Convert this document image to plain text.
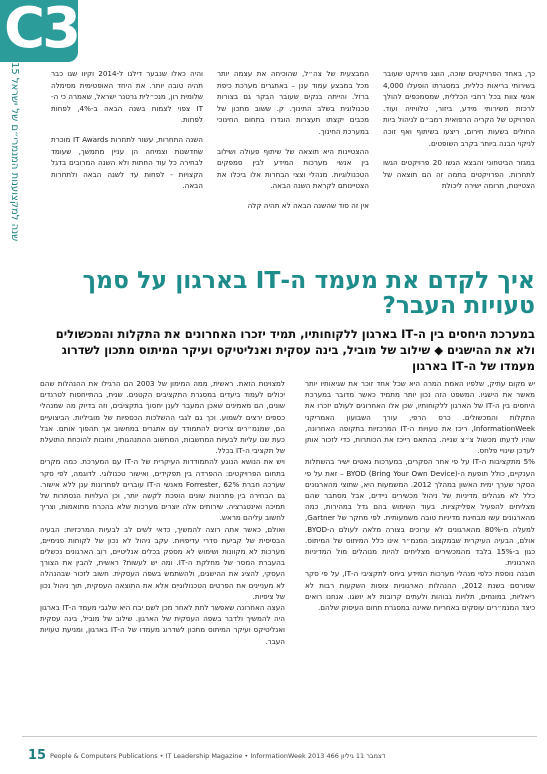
C3
15 שנה למקצוענות המנמרי״ם של ישראל

כך, באחד הפרויקטים שוכה, הוצג פרויקט שעובר בשירותי בריאות כללית, במסגרתו הופעלו 4,000 אנשי צוות בכל רחבי הכללית, שמסמכפים להולך לרכזת משירותי מידע, ביזור, טלוויזיה ועוד. הפרויקט של הקריה הרפואית רמב״ם לניהול ביות החולים בשעות חירום, ריצעו בשיתוף ואף זוכה לניקוי הבנה ביותר בקרב השופטים.

במגזר הביטחוני והבצא הגשו 20 פרויקטים הגשו לתחרות. הפרויקטים בתמה זה הם תוצאה של הצטיינות, תרומה ישירה ליכולת

המבצעית של צה״ל, שהוכיחה את עצמה יותר מכל במבצע עמוד ענן – באתגרים מערכת כיפת ברזל. והייתה בנקים שעובר הבקר גם בצורות טכנולוגית בשלב התינוך. ק. ששוב מתכון של מכבים יקצתו תעצרות הוגדרו בתחום החינוכי במערכת החינוך.

ההצטיינות היא תוצאה של שיתוף פעולה ושילוב בין אנשי מערכות המידע לבין סמפקים הטכנולוגיות. מנהלי וצצי הבחרות אלו ביכלו את הצטיינותם לקראת השנה הבאה.

אין זה סוד שהשנה הבאה לא תהיה קלה

והיה כאלו שנבער דילגו ל-2014 וקיוו שגו כבר תהיה טובה יותר. את היחד האופטימית מסימלה שלומית רון, מנכ״לית גרטנר ישראל, שאמרה כי ה-IT צפוי לצמוח בשנה הבאה ב-4%, לפחות לפחות.

השנה התחרות, עשור לתחרות IT Awards מוכרת שחדשנות וצמיחה הן עניין מתמשך, שעומד לבחירה כל עוד החתות ולא השנה המרובים בדגל הקצויות - לפחות עד לשנה הבאה ולתחרות הבאה.

איך לקדם את מעמד ה-IT בארגון על סמך טעויות העבר?
במערכת היחסים בין ה-IT בארגון ללקוחותיו, תמיד יזכרו האחרונים את התקלות והמכשולים ולא את ההישגים ◆ שילוב של מוביל, בינה עסקית ואנליטיקס ועיקר המיתוס מתכון לשדרוג מעמדו של ה-IT בארגון

יש מקום עתיק, שלפיו האמת המרה היא שכל אחד זוכר את שגיאותיו יותר מאשר את הישגיו. המשפט הזה נכון יותר מתמיד כאשר מדובר במערכת היחסים בין ה-IT של הארגון ללקוחותיו, שכן אלו האחרונים לעולם יזכרו את התקלות והמכשולים. כרס הרפי, עורך השבועון האמריקני InformationWeek, ריכז את טעויות ה-IT המרכזיות בתקופה האחרונה, שהיו לדעתו מכשול צ״צ שנייה. בהתאם רייכז את הכותרות, כדי לזכור אותן לעדכן שינויי פלחס.
5% מתקציבות ה-IT על פי אחר הסקרים, במערכות גאטים ישיר בהשתלות הענקיים, כולל תופעת ה-BYOD (Bring Your Own Device) – זאת על פי הסקר שערך ימית האשון במהלך 2012. המשמעות היא, שתוצי מהארגונים כלל לא מנהלים מדיניות של ניהול מכשירים ניידים, אבל מסתבר שהם מצליחים להפעיל אפליקציות. בעוד השימוש בהם גדל במהירות, כמה מהארגונים עשו מבחינת מדיניות טובה משמעותית. לפי מחקר של Gartner, למעלה מ-80% מהארגונים לא ערוכים בצורה מלאה לעולם ה-BYOD. אולם, הבעיה העיקרית שבמקצוב המנמ״ר אינו כלל המיתוס של המיתוס. כגון ב-15% בלבד מהמכשירים מצליחים להיות מנוהלים מול המדיניות הארגונית.
תובנה נוספת כלפי מנהלי מערכות המידע ביחס לתקציבי ה-IT, על פי סקר שפורסם בשנת 2012, ההנהלות הארגוניות צופות השקעות רבות לא ריאליות, במונחים, תלויות גבוהות ולעתים קרובות לא יושגו. אנחנו רואים כיצד המנמ״רים עוסקים באחריות שאינה במסגרת תחום העיסוק שלהם.

למצוינות הזאת. ראשית, ממה המימון של 2003 הם הרגילו את ההנהלות שהם יכולים לעמוד ביעדים במסגרת התקציבים הקטנים. שנית, בהתייחסות לטרנדים שונים, הם מאמינים שאכן המעבר לענן יחסוך בתקציבים, וזה בדיוק מה שמנהלי כספים ירצים לשמוע. וכך גם לגבי ההשלכות הכספיות של מוביליות. הביצועיים הם, שמנמ״רים צריכים להתמודד עם אתגרים במחשוב אך תהפוך אותם. אבל כעת שנו עליות לבעיות המחשבות, המחשוב ההתנהגותי, וחובות להוכחת התועלת של תקציבי ה-IT בכלל.
ויש את הנושא הנוגע להתמודדות העיקרית של ה-IT עם המערכת. כמה מקרים בתחום הפרויקטים: ההפרדה בין תפקידים, ואישור טכנולוגי. לדוגמה, לפי סקר שערכה חברת Forrester, 62% מאנשי ה-IT עוברים לפתרונות ענן ללא אישור. גם הבחירה בין פתרונות שונים הופכת לקשה יותר, וכן העלויות הנסתרות של תמיכה ואינטגרציה. שירותים אלה יוצרים מערכות שלא בהכרח מתואמות, וצריך לחשוב עליהם מראש.
ואולם, כאשר אתה רוצה להמשיך, כדאי לשים לב לבעיות המרכזיות: הבעיה הבסיסית של קביעת סדרי עדיפויות. עקב ניהול לא נכון של לקוחות פנימיים, מערכות לא מקוונות ושימוש לא מספק בכלים אנליטיים, רוב הארגונים נכשלים בהעברת המסר של מחלקת ה-IT. ומה יש לעשות? ראשית, להבין את הצורך העסקי, להציג את ההישגים, ולהשתמש בשפה העסקית. חשוב לזכור שבהנהלה לא מעניינים את הפרטים הטכנולוגיים אלא את התוצאה העסקית, תוך ניהול נכון של ציפיות.
העצה האחרונה שאפשר לתת לאחר מכן לשם יבח היא שלגבי מעמד ה-IT בארגון היה להמשיך ולדבר בשפה העסקית של הארגון. שילוב של מוביל, בינה עסקית ואנליטיקס ועיקר המיתוס מתכון לשדרוג מעמדו של ה-IT בארגון, ומניעת טעויות העבר.

15 People & Computers Publications • IT Leadership Magazine • InformationWeek 2013 דצמבר 11 גיליון 466
